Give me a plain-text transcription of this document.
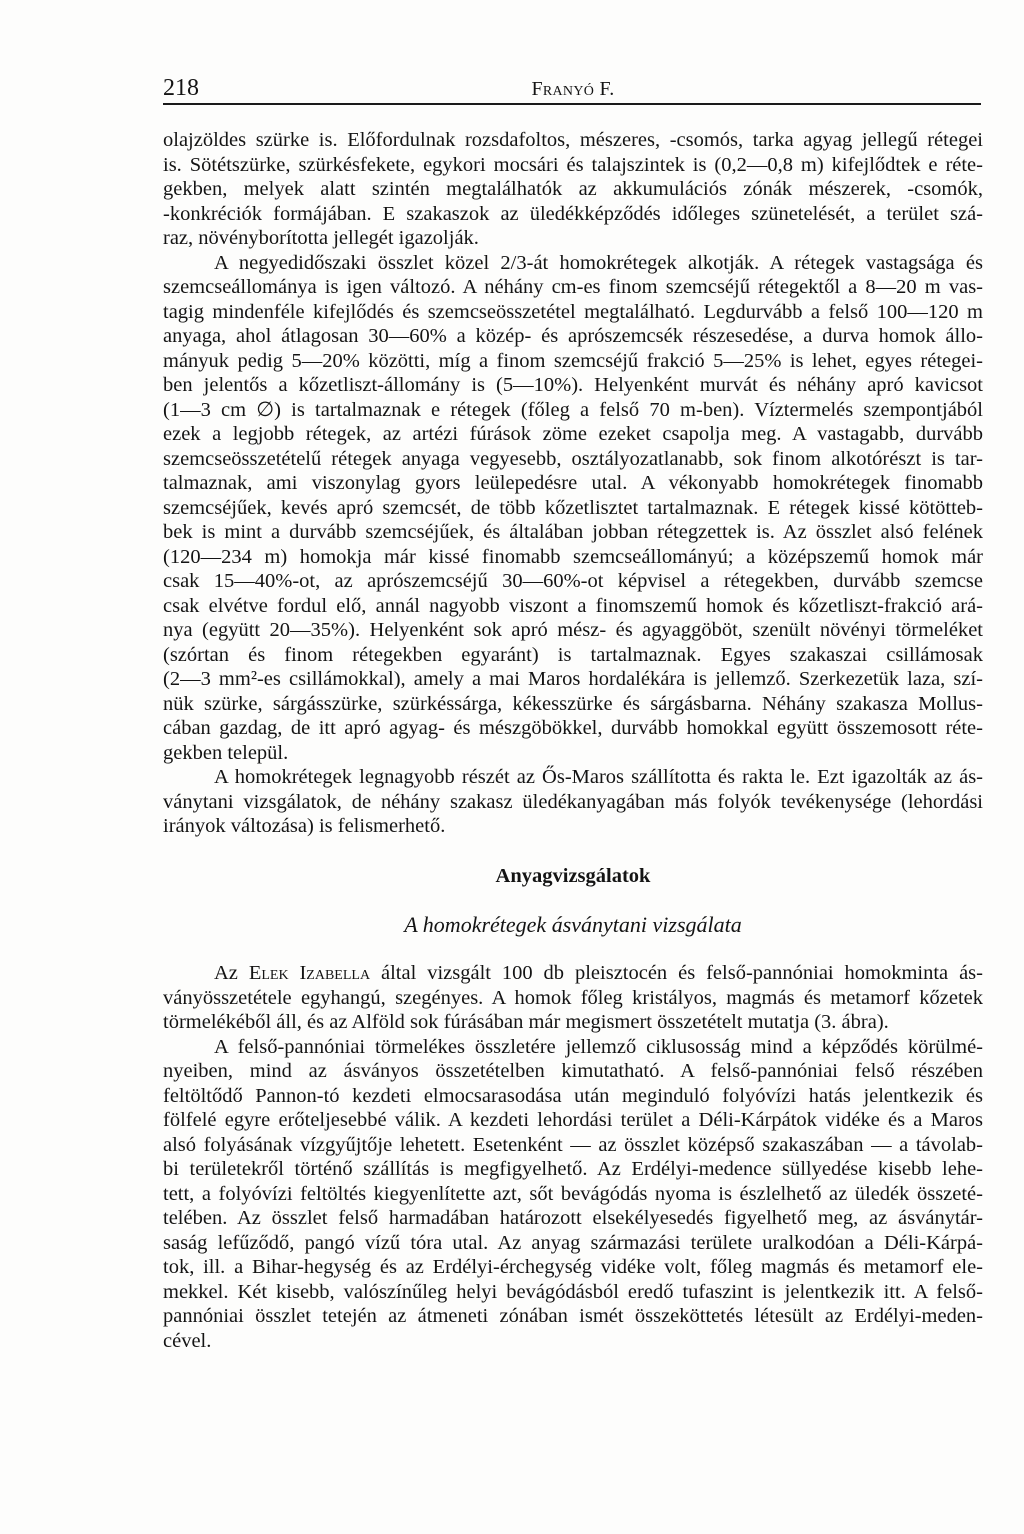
218	Franyó F.
olajzöldes szürke is. Előfordulnak rozsdafoltos, mészeres, -csomós, tarka agyag jellegű rétegei
is. Sötétszürke, szürkésfekete, egykori mocsári és talajszintek is (0,2—0,8 m) kifejlődtek e réte-
gekben, melyek alatt szintén megtalálhatók az akkumulációs zónák mészerek, -csomók,
-konkréciók formájában. E szakaszok az üledékképződés időleges szünetelését, a terület szá-
raz, növényborította jellegét igazolják.
A negyedidőszaki összlet közel 2/3-át homokrétegek alkotják. A rétegek vastagsága és
szemcseállománya is igen változó. A néhány cm-es finom szemcséjű rétegektől a 8—20 m vas-
tagig mindenféle kifejlődés és szemcseösszetétel megtalálható. Legdurvább a felső 100—120 m
anyaga, ahol átlagosan 30—60% a közép- és aprószemcsék részesedése, a durva homok állo-
mányuk pedig 5—20% közötti, míg a finom szemcséjű frakció 5—25% is lehet, egyes rétegei-
ben jelentős a kőzetliszt-állomány is (5—10%). Helyenként murvát és néhány apró kavicsot
(1—3 cm ∅) is tartalmaznak e rétegek (főleg a felső 70 m-ben). Víztermelés szempontjából
ezek a legjobb rétegek, az artézi fúrások zöme ezeket csapolja meg. A vastagabb, durvább
szemcseösszetételű rétegek anyaga vegyesebb, osztályozatlanabb, sok finom alkotórészt is tar-
talmaznak, ami viszonylag gyors leülepedésre utal. A vékonyabb homokrétegek finomabb
szemcséjűek, kevés apró szemcsét, de több kőzetlisztet tartalmaznak. E rétegek kissé kötötteb-
bek is mint a durvább szemcséjűek, és általában jobban rétegzettek is. Az összlet alsó felének
(120—234 m) homokja már kissé finomabb szemcseállományú; a középszemű homok már
csak 15—40%-ot, az aprószemcséjű 30—60%-ot képvisel a rétegekben, durvább szemcse
csak elvétve fordul elő, annál nagyobb viszont a finomszemű homok és kőzetliszt-frakció ará-
nya (együtt 20—35%). Helyenként sok apró mész- és agyaggöböt, szenült növényi törmeléket
(szórtan és finom rétegekben egyaránt) is tartalmaznak. Egyes szakaszai csillámosak
(2—3 mm²-es csillámokkal), amely a mai Maros hordalékára is jellemző. Szerkezetük laza, szí-
nük szürke, sárgásszürke, szürkéssárga, kékesszürke és sárgásbarna. Néhány szakasza Mollus-
cában gazdag, de itt apró agyag- és mészgöbökkel, durvább homokkal együtt összemosott réte-
gekben települ.
A homokrétegek legnagyobb részét az Ős-Maros szállította és rakta le. Ezt igazolták az ás-
ványtani vizsgálatok, de néhány szakasz üledékanyagában más folyók tevékenysége (lehordási
irányok változása) is felismerhető.
Anyagvizsgálatok
A homokrétegek ásványtani vizsgálata
Az Elek Izabella által vizsgált 100 db pleisztocén és felső-pannóniai homokminta ás-
ványösszetétele egyhangú, szegényes. A homok főleg kristályos, magmás és metamorf kőzetek
törmelékéből áll, és az Alföld sok fúrásában már megismert összetételt mutatja (3. ábra).
A felső-pannóniai törmelékes összletére jellemző ciklusosság mind a képződés körülmé-
nyeiben, mind az ásványos összetételben kimutatható. A felső-pannóniai felső részében
feltöltődő Pannon-tó kezdeti elmocsarasodása után meginduló folyóvízi hatás jelentkezik és
fölfelé egyre erőteljesebbé válik. A kezdeti lehordási terület a Déli-Kárpátok vidéke és a Maros
alsó folyásának vízgyűjtője lehetett. Esetenként — az összlet középső szakaszában — a távolab-
bi területekről történő szállítás is megfigyelhető. Az Erdélyi-medence süllyedése kisebb lehe-
tett, a folyóvízi feltöltés kiegyenlítette azt, sőt bevágódás nyoma is észlelhető az üledék összeté-
telében. Az összlet felső harmadában határozott elsekélyesedés figyelhető meg, az ásványtár-
saság lefűződő, pangó vízű tóra utal. Az anyag származási területe uralkodóan a Déli-Kárpá-
tok, ill. a Bihar-hegység és az Erdélyi-érchegység vidéke volt, főleg magmás és metamorf ele-
mekkel. Két kisebb, valószínűleg helyi bevágódásból eredő tufaszint is jelentkezik itt. A felső-
pannóniai összlet tetején az átmeneti zónában ismét összeköttetés létesült az Erdélyi-meden-
cével.
